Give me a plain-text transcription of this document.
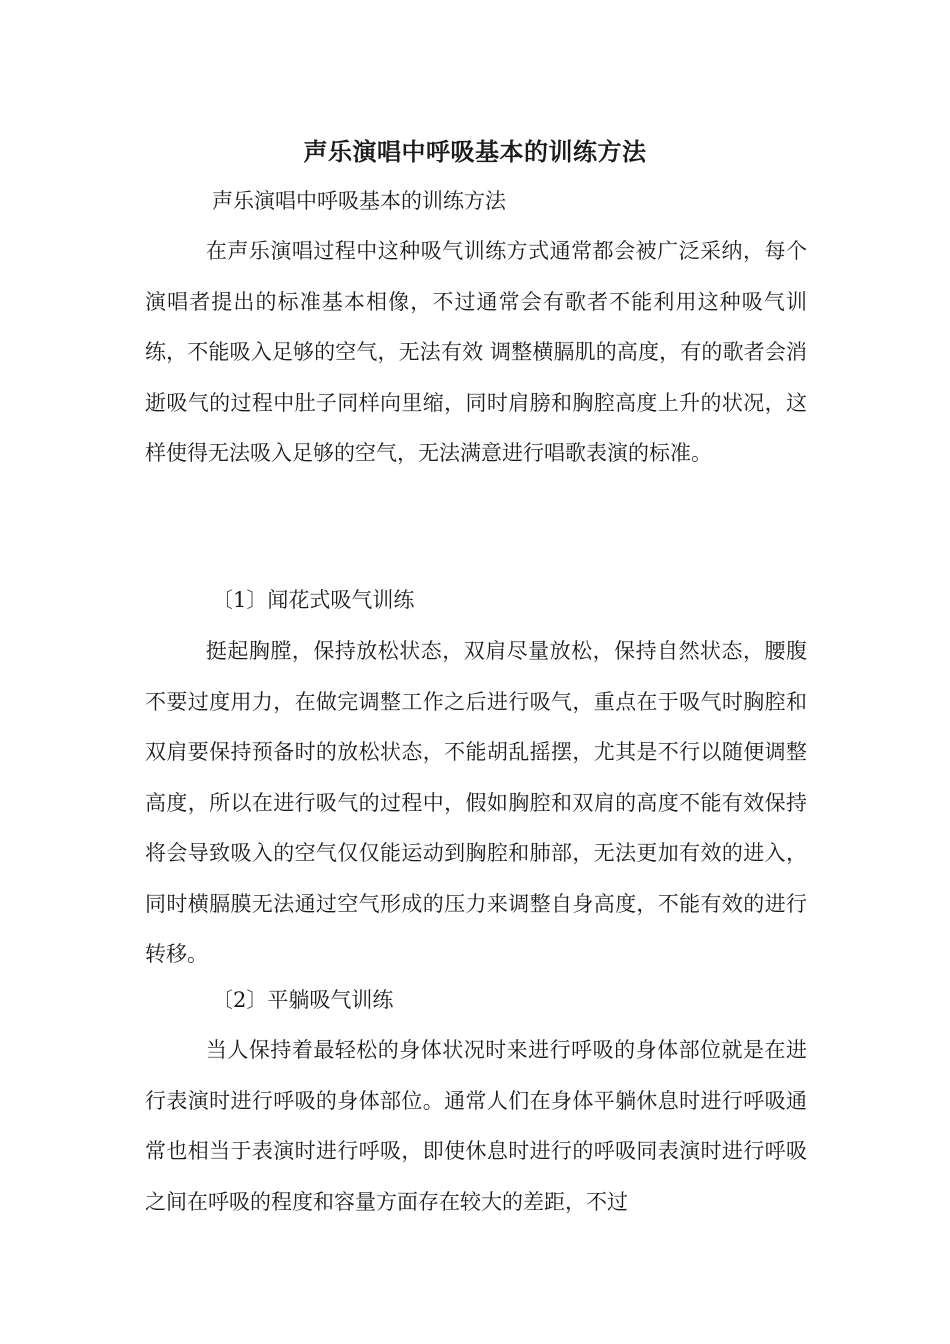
声乐演唱中呼吸基本的训练方法
声乐演唱中呼吸基本的训练方法

在声乐演唱过程中这种吸气训练方式通常都会被广泛采纳，每个演唱者提出的标准基本相像，不过通常会有歌者不能利用这种吸气训练，不能吸入足够的空气，无法有效 调整横膈肌的高度，有的歌者会消逝吸气的过程中肚子同样向里缩，同时肩膀和胸腔高度上升的状况，这样使得无法吸入足够的空气，无法满意进行唱歌表演的标准。

〔1〕闻花式吸气训练

挺起胸膛，保持放松状态，双肩尽量放松，保持自然状态，腰腹不要过度用力，在做完调整工作之后进行吸气，重点在于吸气时胸腔和双肩要保持预备时的放松状态，不能胡乱摇摆，尤其是不行以随便调整高度，所以在进行吸气的过程中，假如胸腔和双肩的高度不能有效保持将会导致吸入的空气仅仅能运动到胸腔和肺部，无法更加有效的进入，同时横膈膜无法通过空气形成的压力来调整自身高度，不能有效的进行转移。

〔2〕平躺吸气训练

当人保持着最轻松的身体状况时来进行呼吸的身体部位就是在进行表演时进行呼吸的身体部位。通常人们在身体平躺休息时进行呼吸通常也相当于表演时进行呼吸，即使休息时进行的呼吸同表演时进行呼吸之间在呼吸的程度和容量方面存在较大的差距，不过
